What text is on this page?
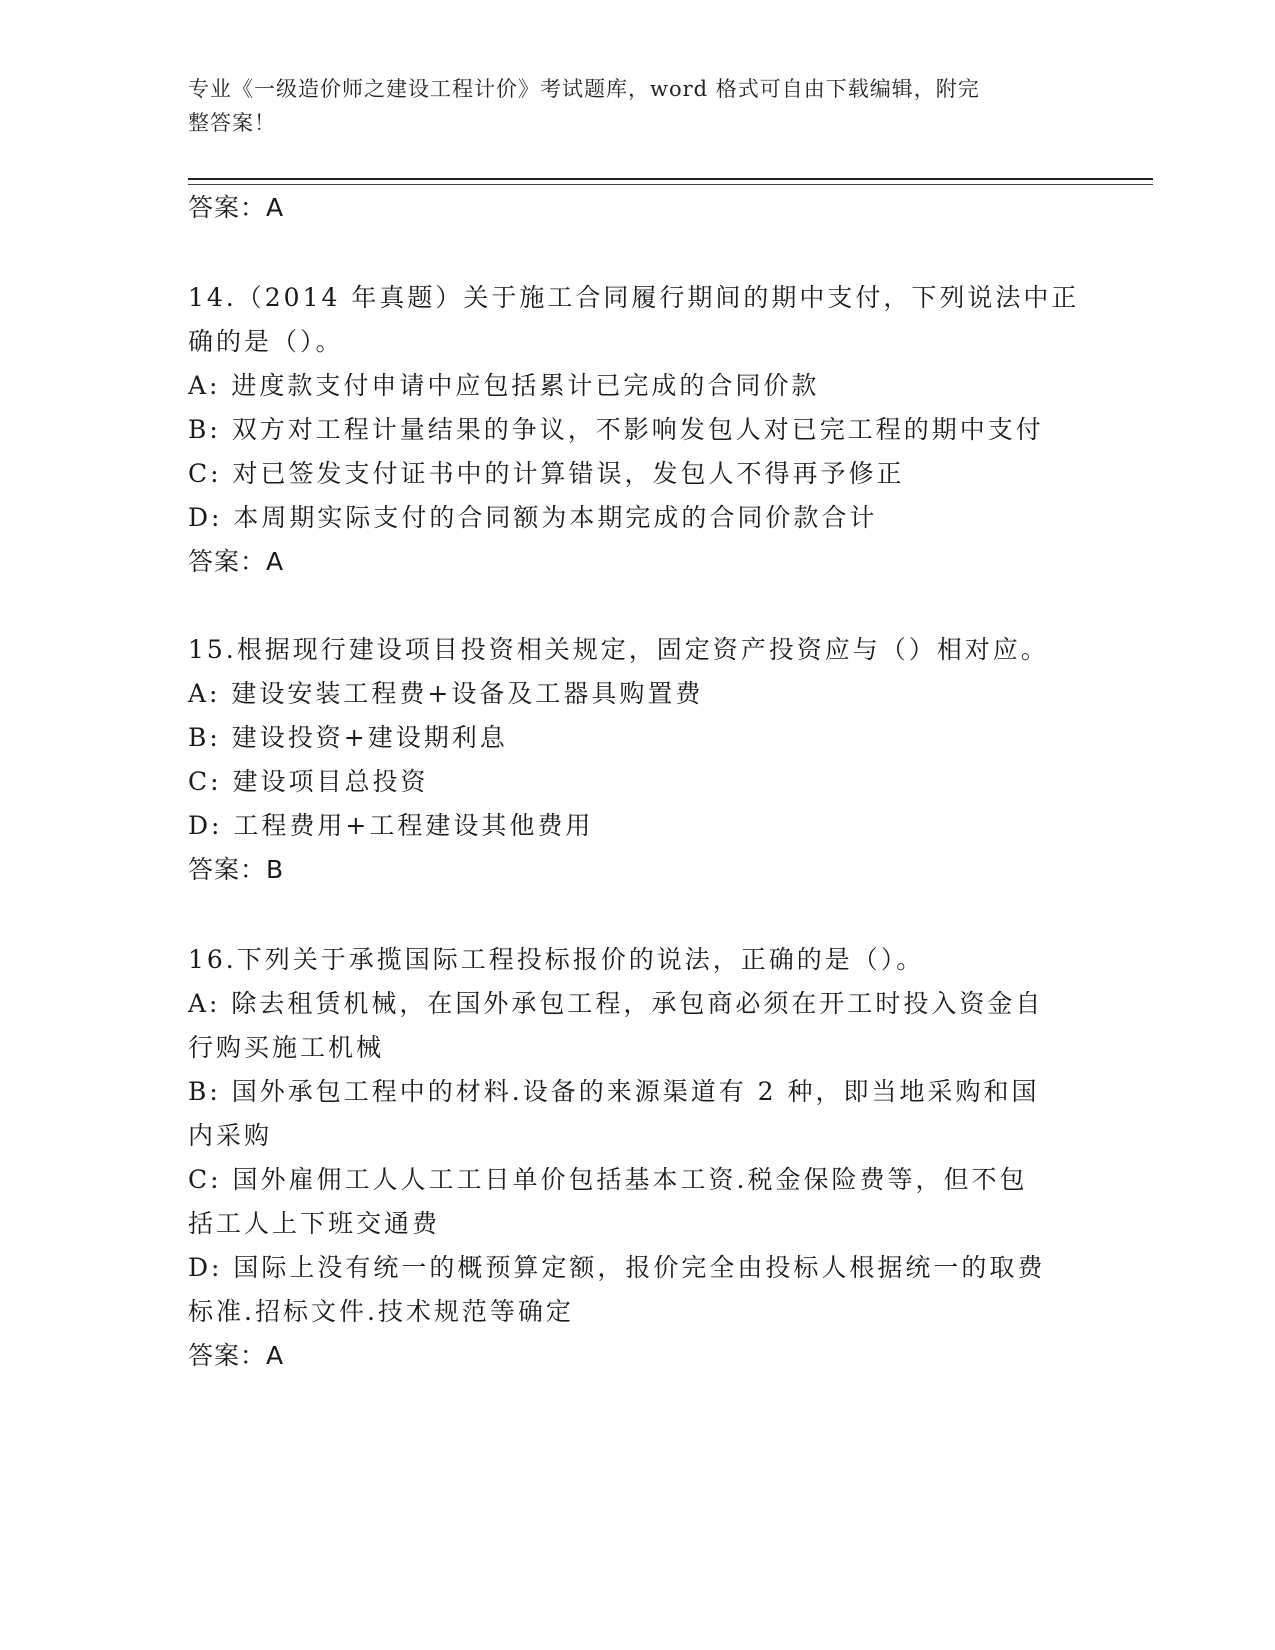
专业《一级造价师之建设工程计价》考试题库，word 格式可自由下载编辑，附完
整答案！
答案：A
14.（2014 年真题）关于施工合同履行期间的期中支付，下列说法中正
确的是（）。
A: 进度款支付申请中应包括累计已完成的合同价款
B: 双方对工程计量结果的争议，不影响发包人对已完工程的期中支付
C: 对已签发支付证书中的计算错误，发包人不得再予修正
D: 本周期实际支付的合同额为本期完成的合同价款合计
答案：A
15.根据现行建设项目投资相关规定，固定资产投资应与（）相对应。
A: 建设安装工程费+设备及工器具购置费
B: 建设投资+建设期利息
C: 建设项目总投资
D: 工程费用+工程建设其他费用
答案：B
16.下列关于承揽国际工程投标报价的说法，正确的是（）。
A: 除去租赁机械，在国外承包工程，承包商必须在开工时投入资金自
行购买施工机械
B: 国外承包工程中的材料.设备的来源渠道有 2 种，即当地采购和国
内采购
C: 国外雇佣工人人工工日单价包括基本工资.税金保险费等，但不包
括工人上下班交通费
D: 国际上没有统一的概预算定额，报价完全由投标人根据统一的取费
标准.招标文件.技术规范等确定
答案：A
